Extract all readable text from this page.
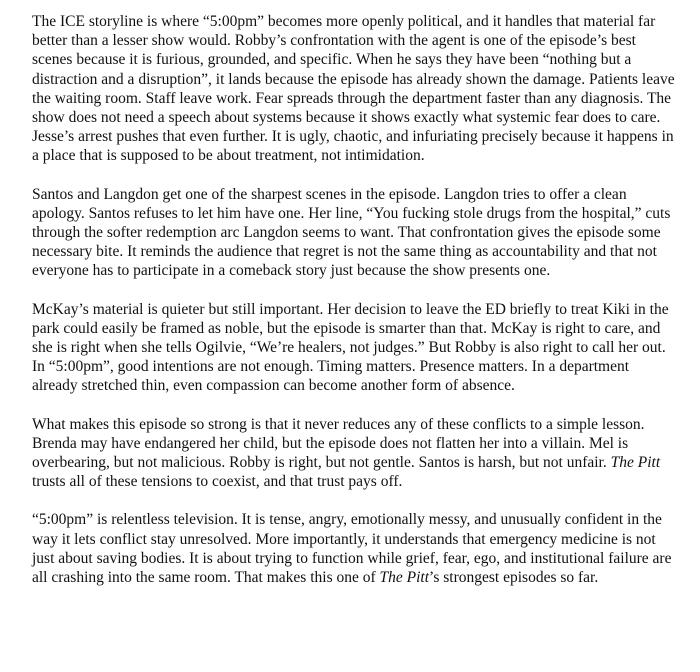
The ICE storyline is where “5:00pm” becomes more openly political, and it handles that material far better than a lesser show would. Robby’s confrontation with the agent is one of the episode’s best scenes because it is furious, grounded, and specific. When he says they have been “nothing but a distraction and a disruption”, it lands because the episode has already shown the damage. Patients leave the waiting room. Staff leave work. Fear spreads through the department faster than any diagnosis. The show does not need a speech about systems because it shows exactly what systemic fear does to care. Jesse’s arrest pushes that even further. It is ugly, chaotic, and infuriating precisely because it happens in a place that is supposed to be about treatment, not intimidation.

Santos and Langdon get one of the sharpest scenes in the episode. Langdon tries to offer a clean apology. Santos refuses to let him have one. Her line, “You fucking stole drugs from the hospital,” cuts through the softer redemption arc Langdon seems to want. That confrontation gives the episode some necessary bite. It reminds the audience that regret is not the same thing as accountability and that not everyone has to participate in a comeback story just because the show presents one.

McKay’s material is quieter but still important. Her decision to leave the ED briefly to treat Kiki in the park could easily be framed as noble, but the episode is smarter than that. McKay is right to care, and she is right when she tells Ogilvie, “We’re healers, not judges.” But Robby is also right to call her out. In “5:00pm”, good intentions are not enough. Timing matters. Presence matters. In a department already stretched thin, even compassion can become another form of absence.

What makes this episode so strong is that it never reduces any of these conflicts to a simple lesson. Brenda may have endangered her child, but the episode does not flatten her into a villain. Mel is overbearing, but not malicious. Robby is right, but not gentle. Santos is harsh, but not unfair. The Pitt trusts all of these tensions to coexist, and that trust pays off.

“5:00pm” is relentless television. It is tense, angry, emotionally messy, and unusually confident in the way it lets conflict stay unresolved. More importantly, it understands that emergency medicine is not just about saving bodies. It is about trying to function while grief, fear, ego, and institutional failure are all crashing into the same room. That makes this one of The Pitt’s strongest episodes so far.
